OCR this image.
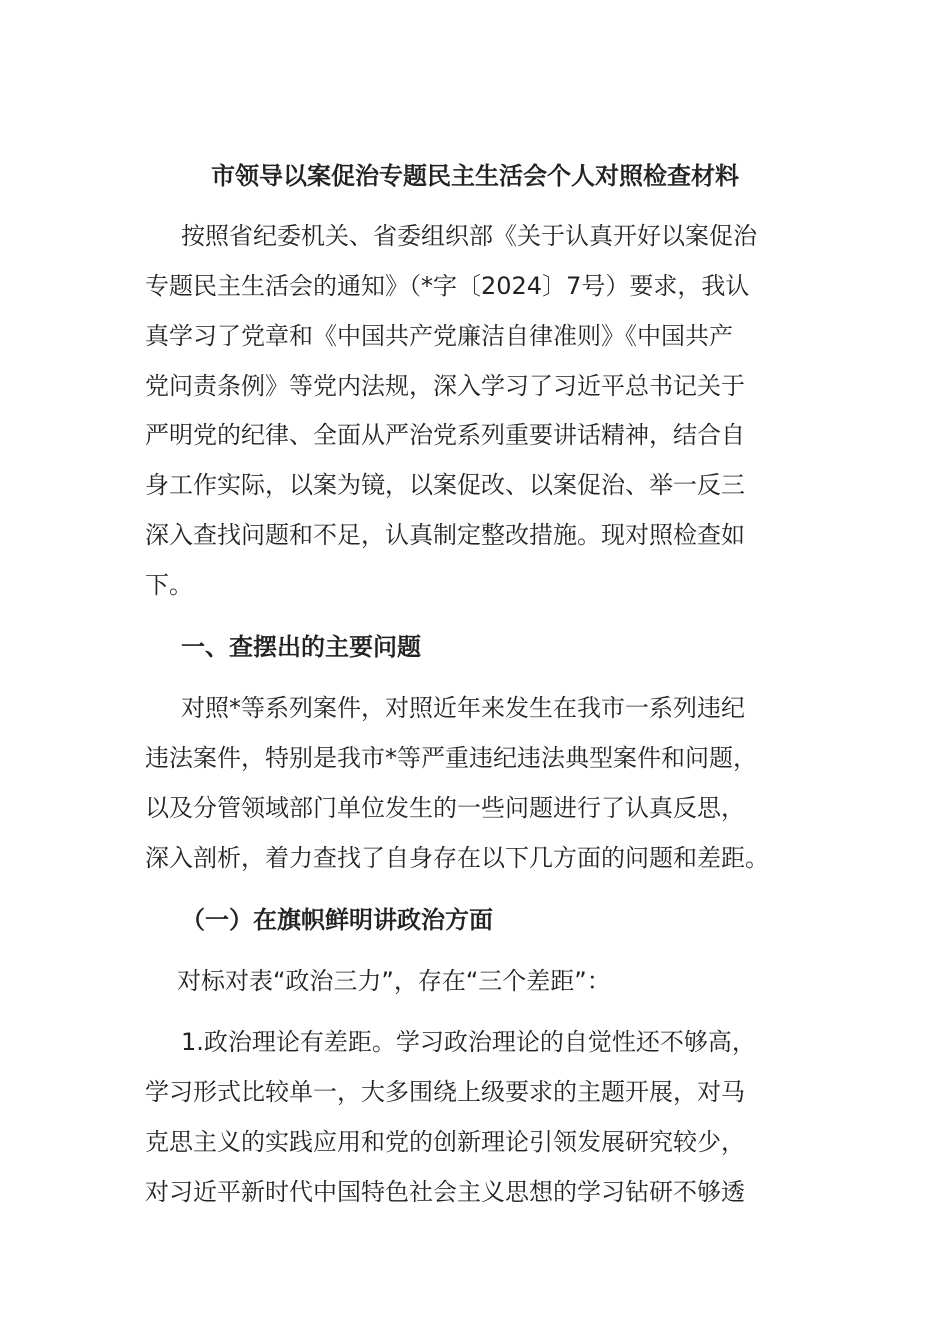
市领导以案促治专题民主生活会个人对照检查材料
按照省纪委机关、省委组织部《关于认真开好以案促治
专题民主生活会的通知》（*字〔2024〕7号）要求，我认
真学习了党章和《中国共产党廉洁自律准则》《中国共产
党问责条例》等党内法规，深入学习了习近平总书记关于
严明党的纪律、全面从严治党系列重要讲话精神，结合自
身工作实际，以案为镜，以案促改、以案促治、举一反三
深入查找问题和不足，认真制定整改措施。现对照检查如
下。
一、查摆出的主要问题
对照*等系列案件，对照近年来发生在我市一系列违纪
违法案件，特别是我市*等严重违纪违法典型案件和问题，
以及分管领域部门单位发生的一些问题进行了认真反思，
深入剖析，着力查找了自身存在以下几方面的问题和差距。
（一）在旗帜鲜明讲政治方面
对标对表“政治三力”，存在“三个差距”：
1.政治理论有差距。学习政治理论的自觉性还不够高，
学习形式比较单一，大多围绕上级要求的主题开展，对马
克思主义的实践应用和党的创新理论引领发展研究较少，
对习近平新时代中国特色社会主义思想的学习钻研不够透
